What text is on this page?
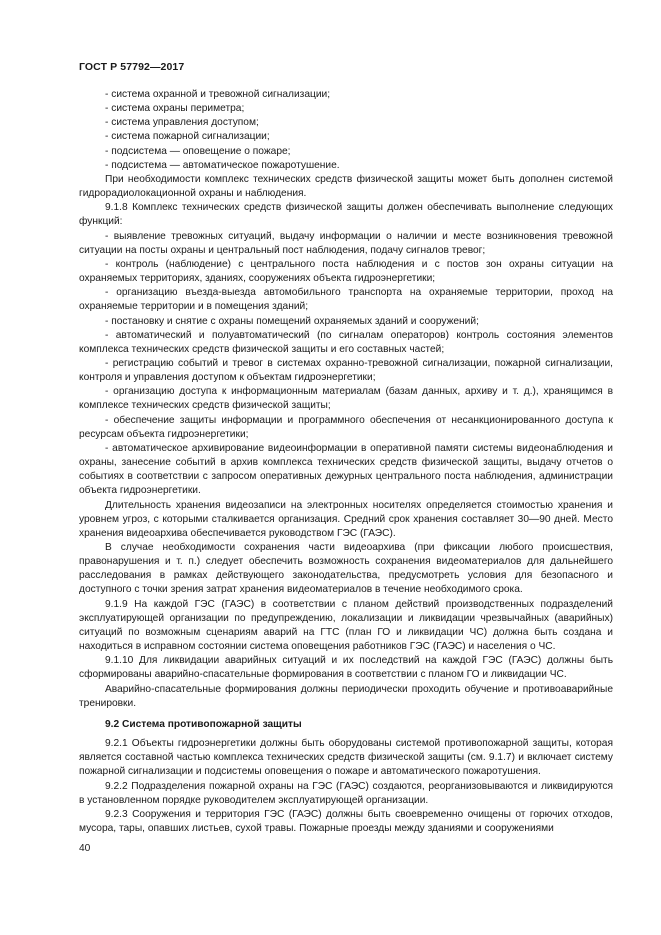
ГОСТ Р 57792—2017

- система охранной и тревожной сигнализации;

- система охраны периметра;

- система управления доступом;

- система пожарной сигнализации;

- подсистема — оповещение о пожаре;

- подсистема — автоматическое пожаротушение.

При необходимости комплекс технических средств физической защиты может быть дополнен системой гидрорадиолокационной охраны и наблюдения.

9.1.8 Комплекс технических средств физической защиты должен обеспечивать выполнение следующих функций:

- выявление тревожных ситуаций, выдачу информации о наличии и месте возникновения тревожной ситуации на посты охраны и центральный пост наблюдения, подачу сигналов тревог;

- контроль (наблюдение) с центрального поста наблюдения и с постов зон охраны ситуации на охраняемых территориях, зданиях, сооружениях объекта гидроэнергетики;

- организацию въезда-выезда автомобильного транспорта на охраняемые территории, проход на охраняемые территории и в помещения зданий;

- постановку и снятие с охраны помещений охраняемых зданий и сооружений;

- автоматический и полуавтоматический (по сигналам операторов) контроль состояния элементов комплекса технических средств физической защиты и его составных частей;

- регистрацию событий и тревог в системах охранно-тревожной сигнализации, пожарной сигнализации, контроля и управления доступом к объектам гидроэнергетики;

- организацию доступа к информационным материалам (базам данных, архиву и т. д.), хранящимся в комплексе технических средств физической защиты;

- обеспечение защиты информации и программного обеспечения от несанкционированного доступа к ресурсам объекта гидроэнергетики;

- автоматическое архивирование видеоинформации в оперативной памяти системы видеонаблюдения и охраны, занесение событий в архив комплекса технических средств физической защиты, выдачу отчетов о событиях в соответствии с запросом оперативных дежурных центрального поста наблюдения, администрации объекта гидроэнергетики.

Длительность хранения видеозаписи на электронных носителях определяется стоимостью хранения и уровнем угроз, с которыми сталкивается организация. Средний срок хранения составляет 30—90 дней. Место хранения видеоархива обеспечивается руководством ГЭС (ГАЭС).

В случае необходимости сохранения части видеоархива (при фиксации любого происшествия, правонарушения и т. п.) следует обеспечить возможность сохранения видеоматериалов для дальнейшего расследования в рамках действующего законодательства, предусмотреть условия для безопасного и доступного с точки зрения затрат хранения видеоматериалов в течение необходимого срока.

9.1.9 На каждой ГЭС (ГАЭС) в соответствии с планом действий производственных подразделений эксплуатирующей организации по предупреждению, локализации и ликвидации чрезвычайных (аварийных) ситуаций по возможным сценариям аварий на ГТС (план ГО и ликвидации ЧС) должна быть создана и находиться в исправном состоянии система оповещения работников ГЭС (ГАЭС) и населения о ЧС.

9.1.10 Для ликвидации аварийных ситуаций и их последствий на каждой ГЭС (ГАЭС) должны быть сформированы аварийно-спасательные формирования в соответствии с планом ГО и ликвидации ЧС.

Аварийно-спасательные формирования должны периодически проходить обучение и противоаварийные тренировки.

9.2 Система противопожарной защиты

9.2.1 Объекты гидроэнергетики должны быть оборудованы системой противопожарной защиты, которая является составной частью комплекса технических средств физической защиты (см. 9.1.7) и включает систему пожарной сигнализации и подсистемы оповещения о пожаре и автоматического пожаротушения.

9.2.2 Подразделения пожарной охраны на ГЭС (ГАЭС) создаются, реорганизовываются и ликвидируются в установленном порядке руководителем эксплуатирующей организации.

9.2.3 Сооружения и территория ГЭС (ГАЭС) должны быть своевременно очищены от горючих отходов, мусора, тары, опавших листьев, сухой травы. Пожарные проезды между зданиями и сооружениями

40
